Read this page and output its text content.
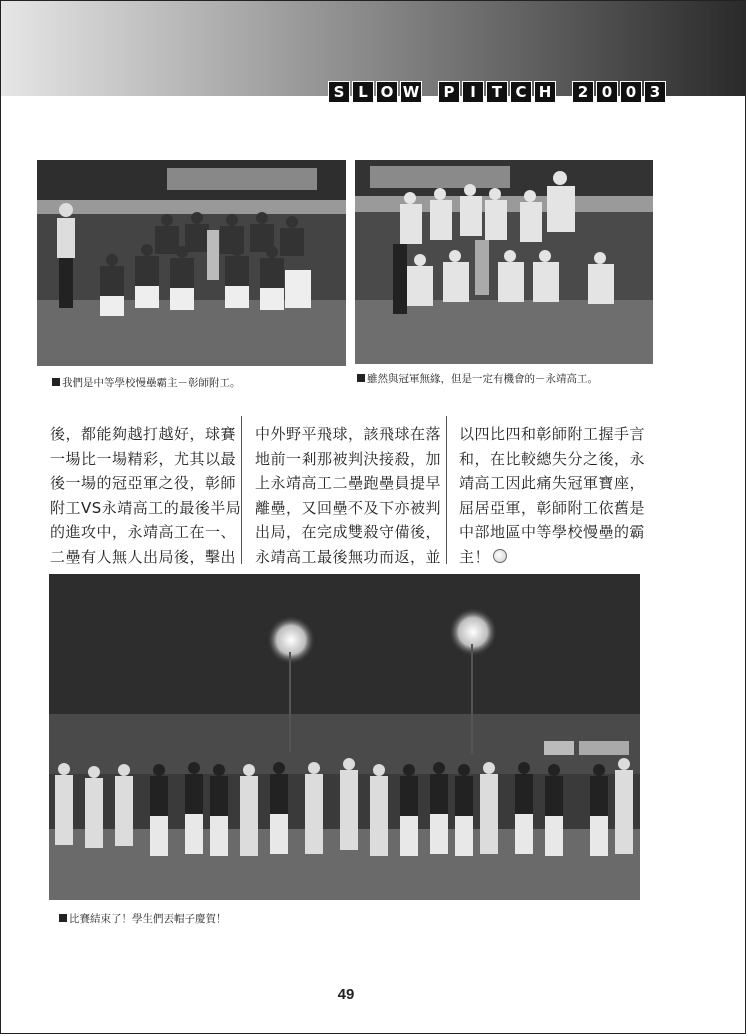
S L O W	P	I	T C H	2 0 0 3
我們是中等學校慢壘霸主－彰師附工。	雖然與冠軍無緣，但是一定有機會的－永靖高工。
後，都能夠越打越好，球賽
一場比一場精彩，尤其以最
後一場的冠亞軍之役，彰師
附工VS永靖高工的最後半局
的進攻中，永靖高工在一、
二壘有人無人出局後，擊出
中外野平飛球，該飛球在落
地前一剎那被判決接殺，加
上永靖高工二壘跑壘員提早
離壘，又回壘不及下亦被判
出局，在完成雙殺守備後，
永靖高工最後無功而返，並
以四比四和彰師附工握手言
和，在比較總失分之後，永
靖高工因此痛失冠軍寶座，
屈居亞軍，彰師附工依舊是
中部地區中等學校慢壘的霸
主！
比賽結束了！學生們丟帽子慶賀！
49
